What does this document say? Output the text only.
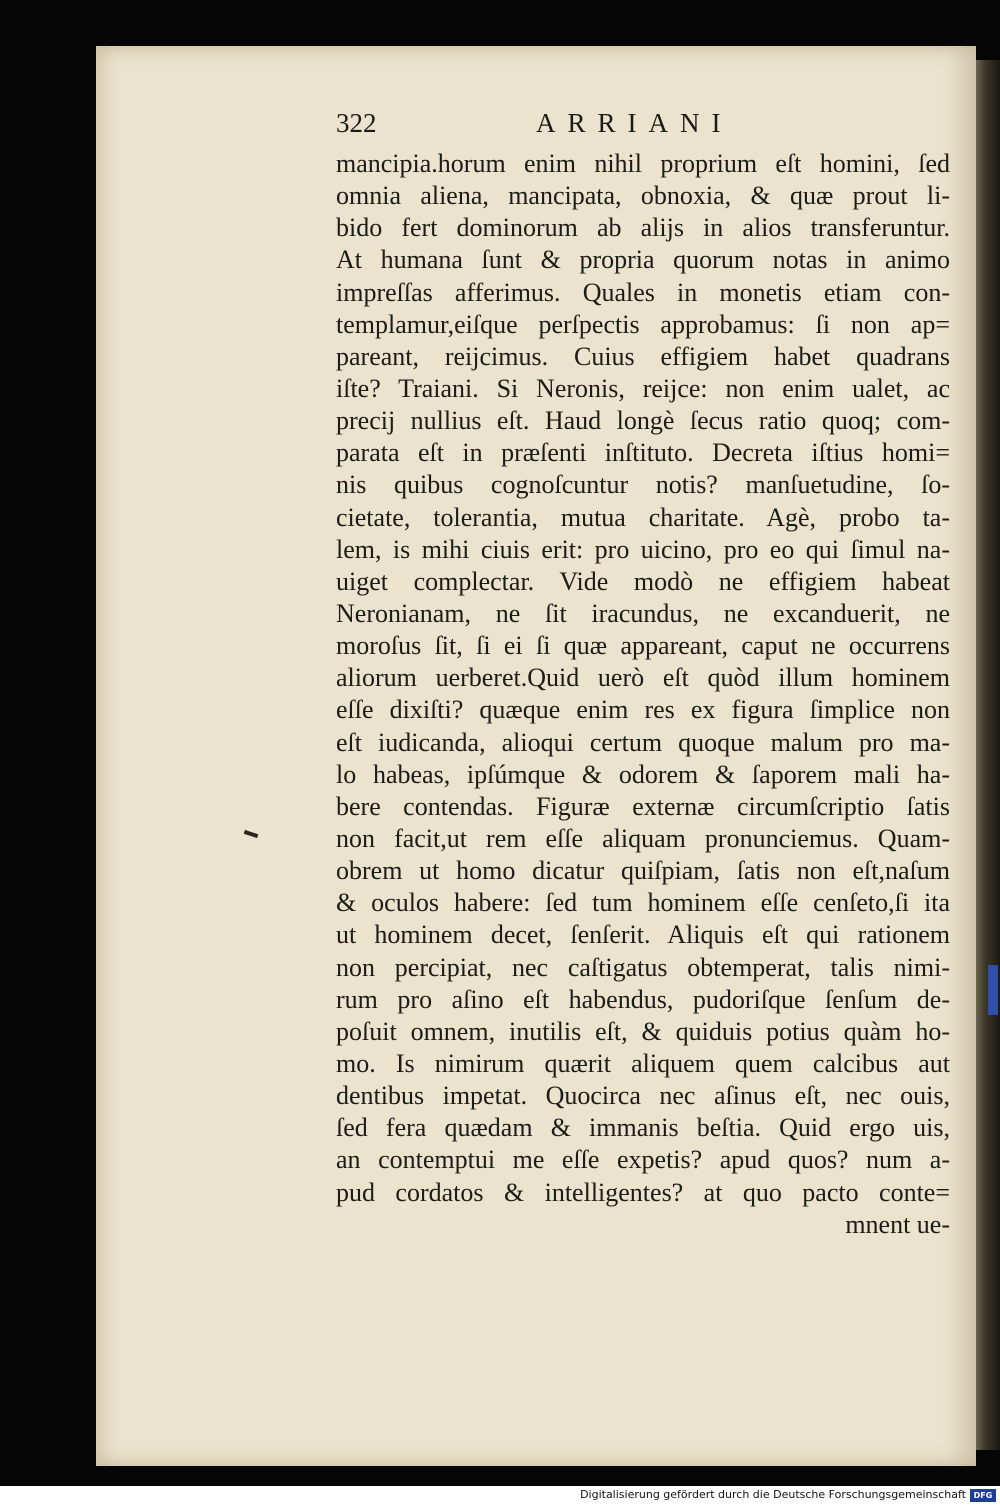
322	ARRIANI
mancipia.horum enim nihil proprium eſt homini, ſed
omnia aliena, mancipata, obnoxia, & quæ prout li-
bido fert dominorum ab alijs in alios transferuntur.
At humana ſunt & propria quorum notas in animo
impreſſas afferimus. Quales in monetis etiam con-
templamur,eiſque perſpectis approbamus: ſi non ap=
pareant, reijcimus. Cuius effigiem habet quadrans
iſte? Traiani. Si Neronis, reijce: non enim ualet, ac
precij nullius eſt. Haud longè ſecus ratio quoq; com-
parata eſt in præſenti inſtituto. Decreta iſtius homi=
nis quibus cognoſcuntur notis? manſuetudine, ſo-
cietate, tolerantia, mutua charitate. Agè, probo ta-
lem, is mihi ciuis erit: pro uicino, pro eo qui ſimul na-
uiget complectar. Vide modò ne effigiem habeat
Neronianam, ne ſit iracundus, ne excanduerit, ne
moroſus ſit, ſi ei ſi quæ appareant, caput ne occurrens
aliorum uerberet.Quid uerò eſt quòd illum hominem
eſſe dixiſti? quæque enim res ex figura ſimplice non
eſt iudicanda, alioqui certum quoque malum pro ma-
lo habeas, ipſúmque & odorem & ſaporem mali ha-
bere contendas. Figuræ externæ circumſcriptio ſatis
non facit,ut rem eſſe aliquam pronunciemus. Quam-
obrem ut homo dicatur quiſpiam, ſatis non eſt,naſum
& oculos habere: ſed tum hominem eſſe cenſeto,ſi ita
ut hominem decet, ſenſerit. Aliquis eſt qui rationem
non percipiat, nec caſtigatus obtemperat, talis nimi-
rum pro aſino eſt habendus, pudoriſque ſenſum de-
poſuit omnem, inutilis eſt, & quiduis potius quàm ho-
mo. Is nimirum quærit aliquem quem calcibus aut
dentibus impetat. Quocirca nec aſinus eſt, nec ouis,
ſed fera quædam & immanis beſtia. Quid ergo uis,
an contemptui me eſſe expetis? apud quos? num a-
pud cordatos & intelligentes? at quo pacto conte=
mnent ue-
Digitalisierung gefördert durch die Deutsche Forschungsgemeinschaft DFG
